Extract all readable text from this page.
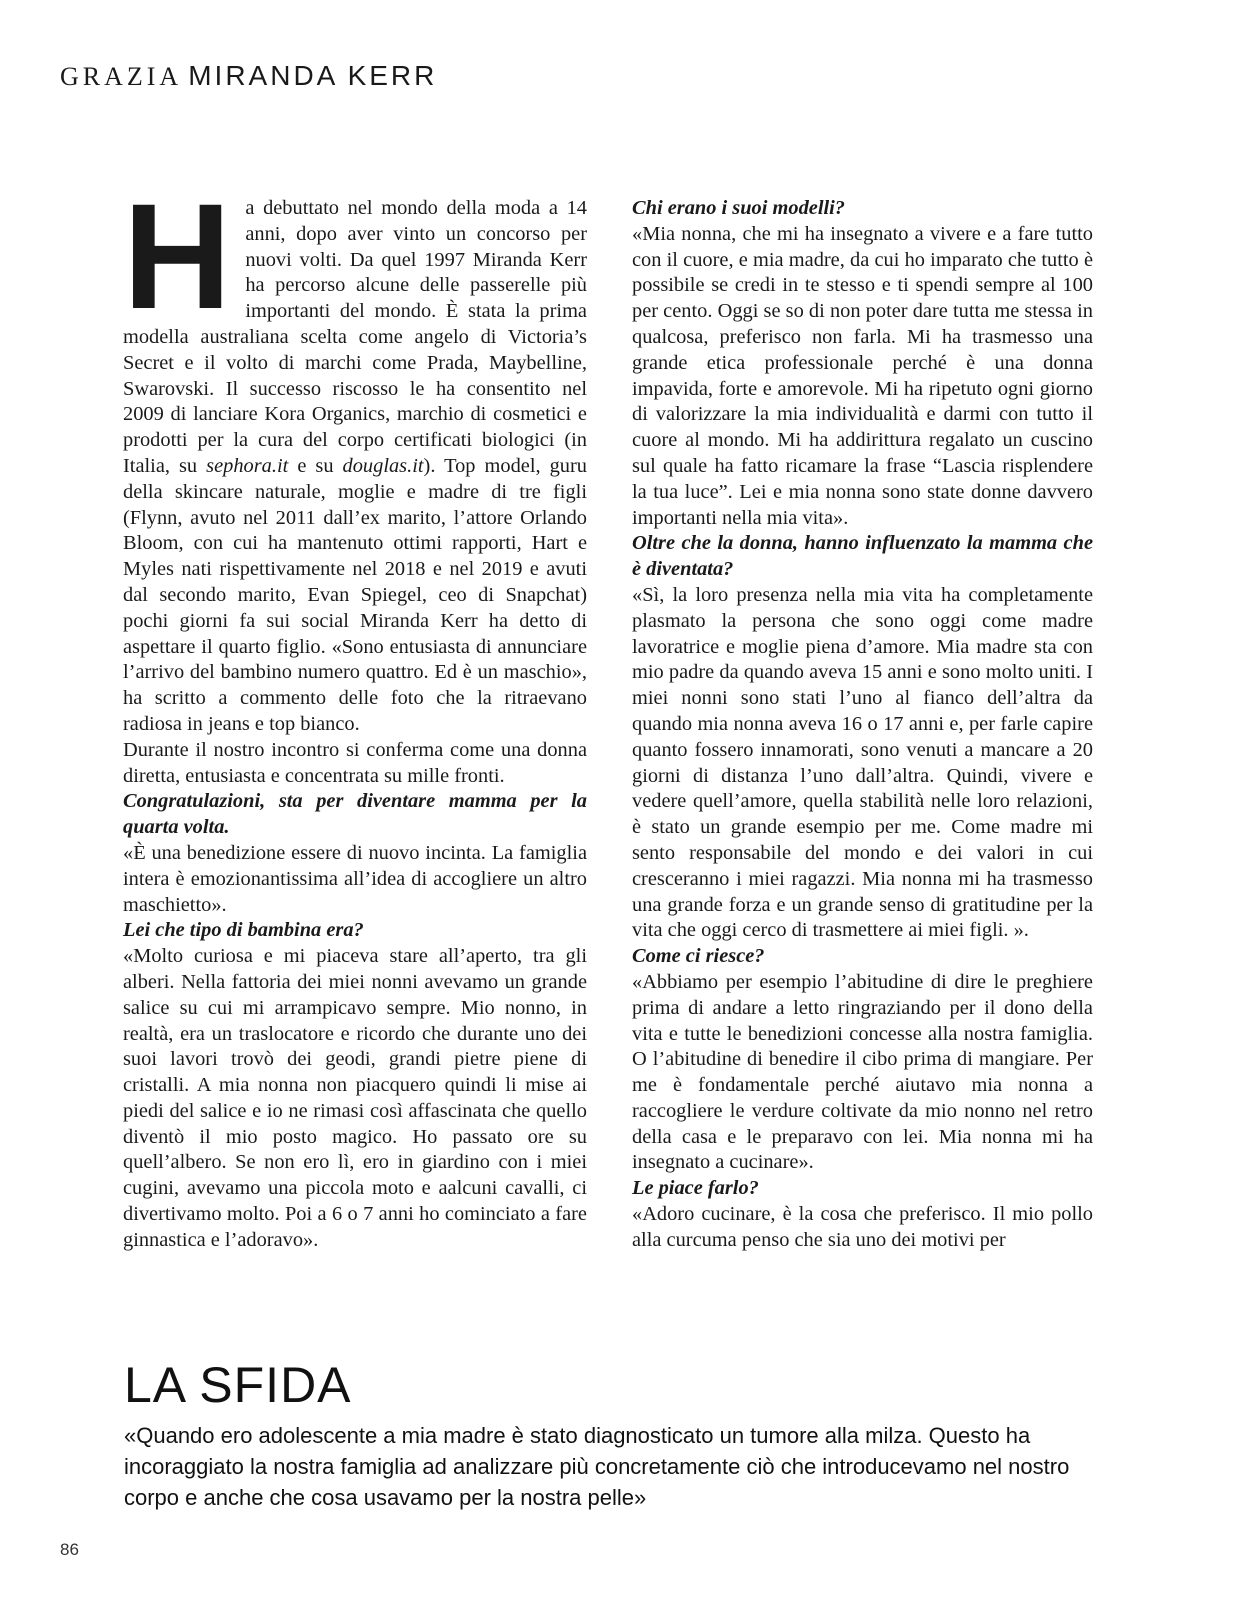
GRAZIA MIRANDA KERR

Ha debuttato nel mondo della moda a 14 anni, dopo aver vinto un concorso per nuovi volti. Da quel 1997 Miranda Kerr ha percorso alcune delle passerelle più importanti del mondo. È stata la prima modella australiana scelta come angelo di Victoria’s Secret e il volto di marchi come Prada, Maybelline, Swarovski. Il successo riscosso le ha consentito nel 2009 di lanciare Kora Organics, marchio di cosmetici e prodotti per la cura del corpo certificati biologici (in Italia, su sephora.it e su douglas.it). Top model, guru della skincare naturale, moglie e madre di tre figli (Flynn, avuto nel 2011 dall’ex marito, l’attore Orlando Bloom, con cui ha mantenuto ottimi rapporti, Hart e Myles nati rispettivamente nel 2018 e nel 2019 e avuti dal secondo marito, Evan Spiegel, ceo di Snapchat) pochi giorni fa sui social Miranda Kerr ha detto di aspettare il quarto figlio. «Sono entusiasta di annunciare l’arrivo del bambino numero quattro. Ed è un maschio», ha scritto a commento delle foto che la ritraevano radiosa in jeans e top bianco.

Durante il nostro incontro si conferma come una donna diretta, entusiasta e concentrata su mille fronti.

Congratulazioni, sta per diventare mamma per la quarta volta.

«È una benedizione essere di nuovo incinta. La famiglia intera è emozionantissima all’idea di accogliere un altro maschietto».

Lei che tipo di bambina era?

«Molto curiosa e mi piaceva stare all’aperto, tra gli alberi. Nella fattoria dei miei nonni avevamo un grande salice su cui mi arrampicavo sempre. Mio nonno, in realtà, era un traslocatore e ricordo che durante uno dei suoi lavori trovò dei geodi, grandi pietre piene di cristalli. A mia nonna non piacquero quindi li mise ai piedi del salice e io ne rimasi così affascinata che quello diventò il mio posto magico. Ho passato ore su quell’albero. Se non ero lì, ero in giardino con i miei cugini, avevamo una piccola moto e aalcuni cavalli, ci divertivamo molto. Poi a 6 o 7 anni ho cominciato a fare ginnastica e l’adoravo».

Chi erano i suoi modelli?

«Mia nonna, che mi ha insegnato a vivere e a fare tutto con il cuore, e mia madre, da cui ho imparato che tutto è possibile se credi in te stesso e ti spendi sempre al 100 per cento. Oggi se so di non poter dare tutta me stessa in qualcosa, preferisco non farla. Mi ha trasmesso una grande etica professionale perché è una donna impavida, forte e amorevole. Mi ha ripetuto ogni giorno di valorizzare la mia individualità e darmi con tutto il cuore al mondo. Mi ha addirittura regalato un cuscino sul quale ha fatto ricamare la frase “Lascia risplendere la tua luce”. Lei e mia nonna sono state donne davvero importanti nella mia vita».

Oltre che la donna, hanno influenzato la mamma che è diventata?

«Sì, la loro presenza nella mia vita ha completamente plasmato la persona che sono oggi come madre lavoratrice e moglie piena d’amore. Mia madre sta con mio padre da quando aveva 15 anni e sono molto uniti. I miei nonni sono stati l’uno al fianco dell’altra da quando mia nonna aveva 16 o 17 anni e, per farle capire quanto fossero innamorati, sono venuti a mancare a 20 giorni di distanza l’uno dall’altra. Quindi, vivere e vedere quell’amore, quella stabilità nelle loro relazioni, è stato un grande esempio per me. Come madre mi sento responsabile del mondo e dei valori in cui cresceranno i miei ragazzi. Mia nonna mi ha trasmesso una grande forza e un grande senso di gratitudine per la vita che oggi cerco di trasmettere ai miei figli. ».

Come ci riesce?

«Abbiamo per esempio l’abitudine di dire le preghiere prima di andare a letto ringraziando per il dono della vita e tutte le benedizioni concesse alla nostra famiglia. O l’abitudine di benedire il cibo prima di mangiare. Per me è fondamentale perché aiutavo mia nonna a raccogliere le verdure coltivate da mio nonno nel retro della casa e le preparavo con lei. Mia nonna mi ha insegnato a cucinare».

Le piace farlo?

«Adoro cucinare, è la cosa che preferisco. Il mio pollo alla curcuma penso che sia uno dei motivi per

LA SFIDA
«Quando ero adolescente a mia madre è stato diagnosticato un tumore alla milza. Questo ha incoraggiato la nostra famiglia ad analizzare più concretamente ciò che introducevamo nel nostro corpo e anche che cosa usavamo per la nostra pelle»
86
